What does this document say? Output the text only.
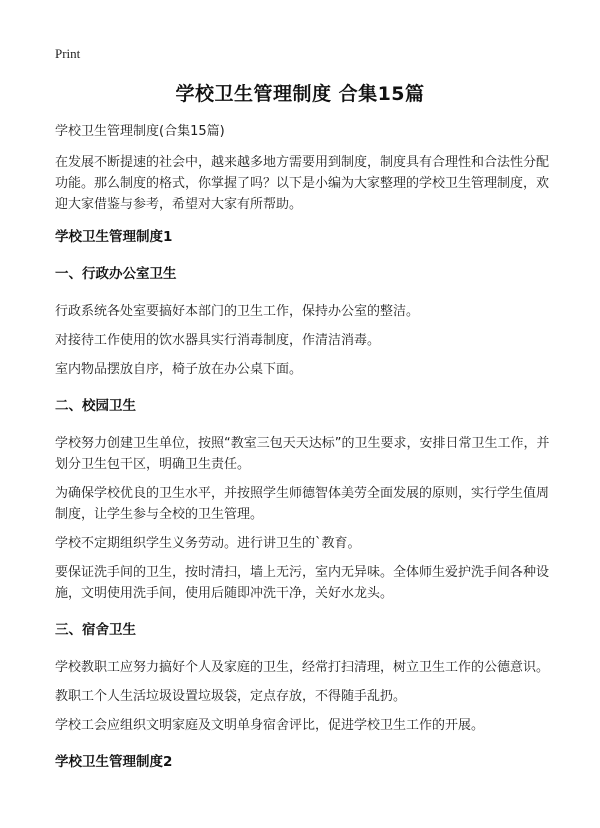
Print
学校卫生管理制度 合集15篇

学校卫生管理制度(合集15篇)

在发展不断提速的社会中，越来越多地方需要用到制度，制度具有合理性和合法性分配功能。那么制度的格式，你掌握了吗？以下是小编为大家整理的学校卫生管理制度，欢迎大家借鉴与参考，希望对大家有所帮助。

学校卫生管理制度1
一、行政办公室卫生

行政系统各处室要搞好本部门的卫生工作，保持办公室的整洁。

对接待工作使用的饮水器具实行消毒制度，作清洁消毒。

室内物品摆放自序，椅子放在办公桌下面。

二、校园卫生

学校努力创建卫生单位，按照“教室三包天天达标”的卫生要求，安排日常卫生工作，并划分卫生包干区，明确卫生责任。

为确保学校优良的卫生水平，并按照学生师德智体美劳全面发展的原则，实行学生值周制度，让学生参与全校的卫生管理。

学校不定期组织学生义务劳动。进行讲卫生的`教育。

要保证洗手间的卫生，按时清扫，墙上无污，室内无异味。全体师生爱护洗手间各种设施，文明使用洗手间，使用后随即冲洗干净，关好水龙头。

三、宿舍卫生

学校教职工应努力搞好个人及家庭的卫生，经常打扫清理，树立卫生工作的公德意识。

教职工个人生活垃圾设置垃圾袋，定点存放，不得随手乱扔。

学校工会应组织文明家庭及文明单身宿舍评比，促进学校卫生工作的开展。

学校卫生管理制度2
